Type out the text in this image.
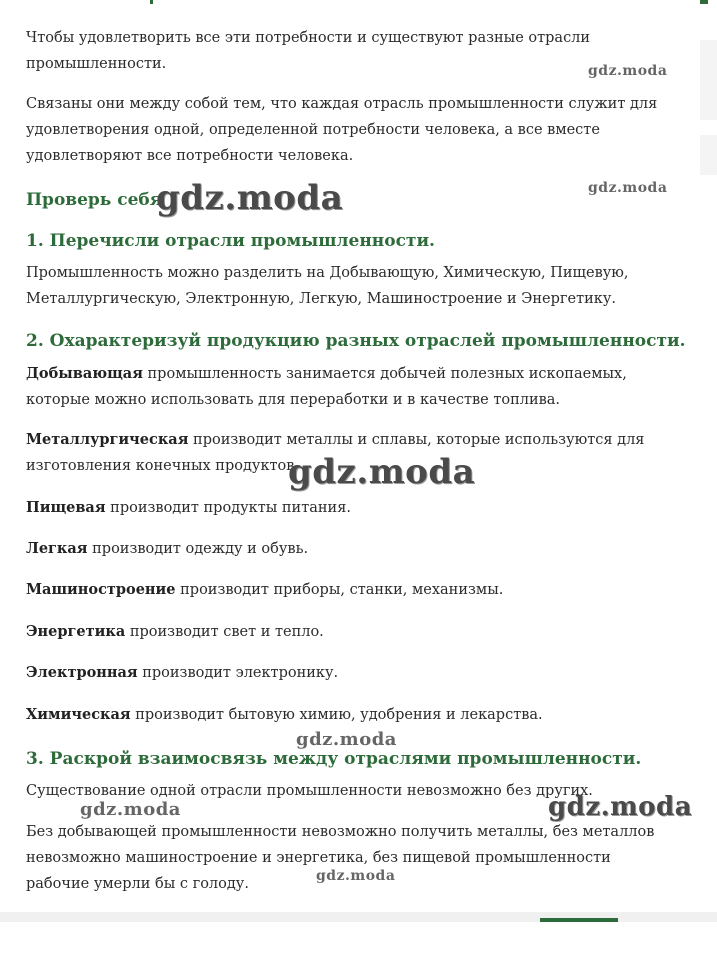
Чтобы удовлетворить все эти потребности и существуют разные отрасли промышленности.

Связаны они между собой тем, что каждая отрасль промышленности служит для удовлетворения одной, определенной потребности человека, а все вместе удовлетворяют все потребности человека.

Проверь себя
1. Перечисли отрасли промышленности.

Промышленность можно разделить на Добывающую, Химическую, Пищевую, Металлургическую, Электронную, Легкую, Машиностроение и Энергетику.

2. Охарактеризуй продукцию разных отраслей промышленности.

Добывающая промышленность занимается добычей полезных ископаемых, которые можно использовать для переработки и в качестве топлива.

Металлургическая производит металлы и сплавы, которые используются для изготовления конечных продуктов.

Пищевая производит продукты питания.

Легкая производит одежду и обувь.

Машиностроение производит приборы, станки, механизмы.

Энергетика производит свет и тепло.

Электронная производит электронику.

Химическая производит бытовую химию, удобрения и лекарства.

3. Раскрой взаимосвязь между отраслями промышленности.

Существование одной отрасли промышленности невозможно без других.

Без добывающей промышленности невозможно получить металлы, без металлов невозможно машиностроение и энергетика, без пищевой промышленности рабочие умерли бы с голоду.

gdz.moda
gdz.moda
gdz.moda
gdz.moda
gdz.moda
gdz.moda	gdz.moda
gdz.moda
